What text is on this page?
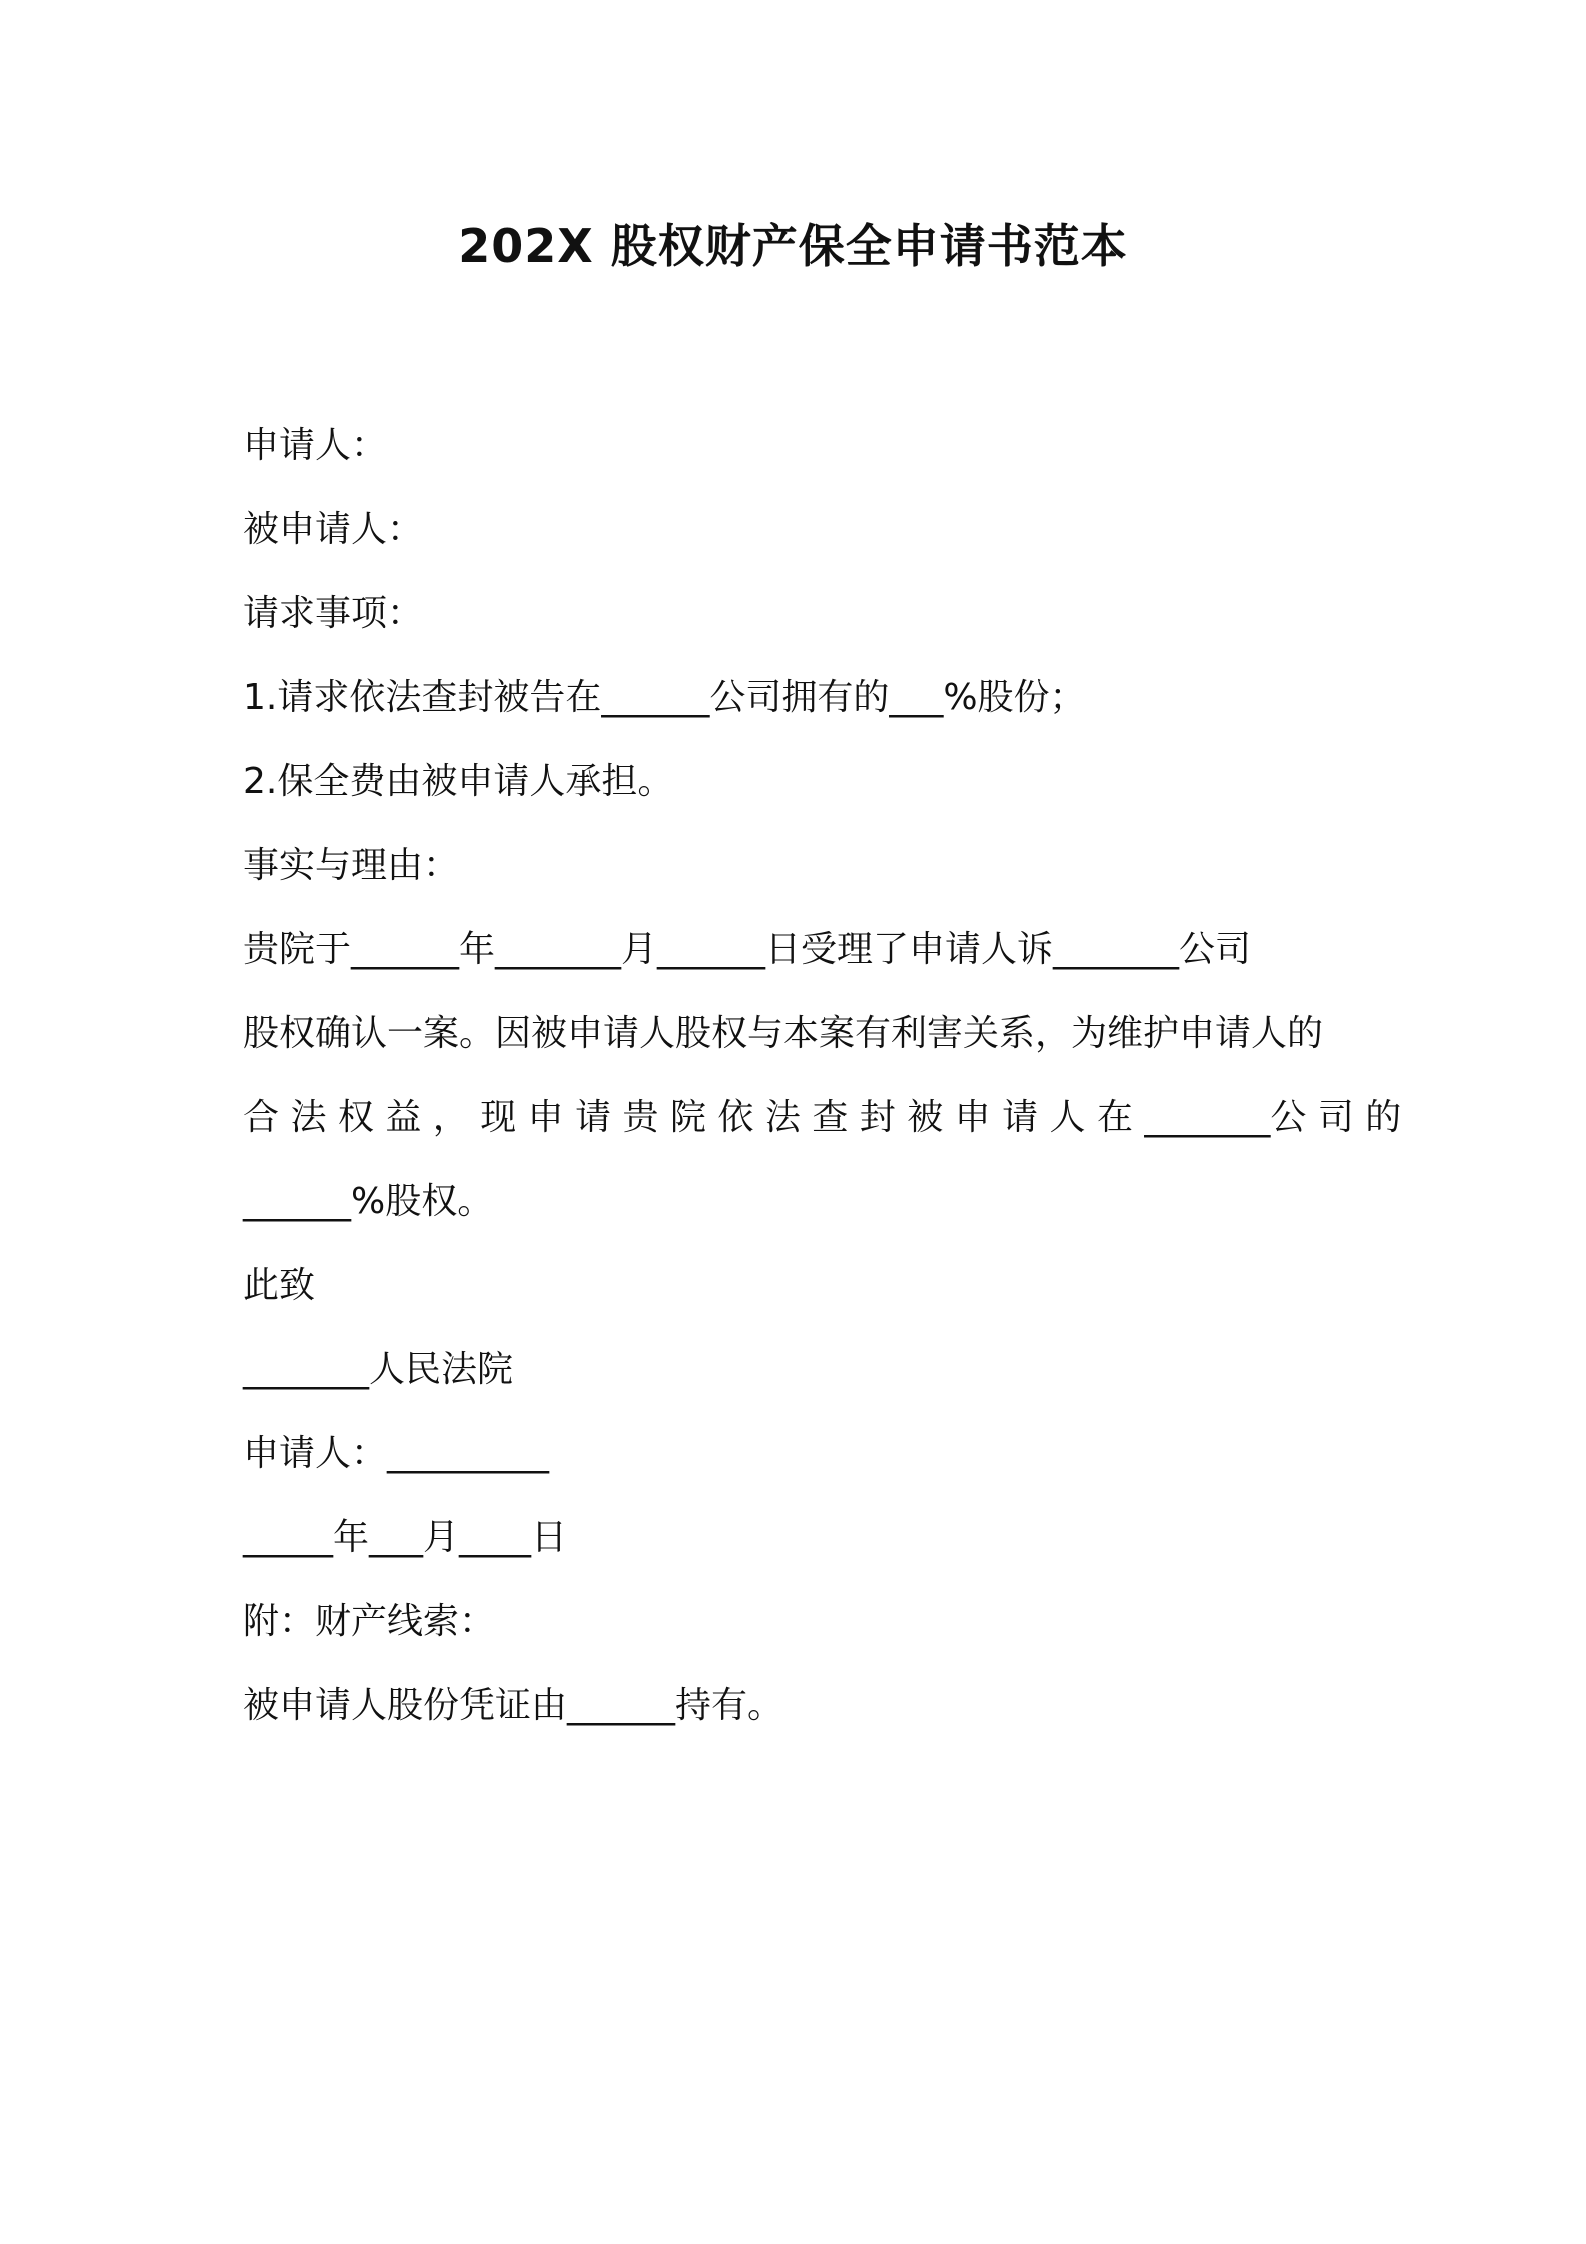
202X 股权财产保全申请书范本

申请人：

被申请人：

请求事项：

1.请求依法查封被告在______公司拥有的___%股份；

2.保全费由被申请人承担。

事实与理由：

贵院于______年_______月______日受理了申请人诉_______公司

股权确认一案。因被申请人股权与本案有利害关系，为维护申请人的

合 法 权 益 ， 现 申 请 贵 院 依 法 查 封 被 申 请 人 在 _______公 司 的

______%股权。

此致

_______人民法院

申请人：_________

_____年___月____日

附：财产线索：

被申请人股份凭证由______持有。
